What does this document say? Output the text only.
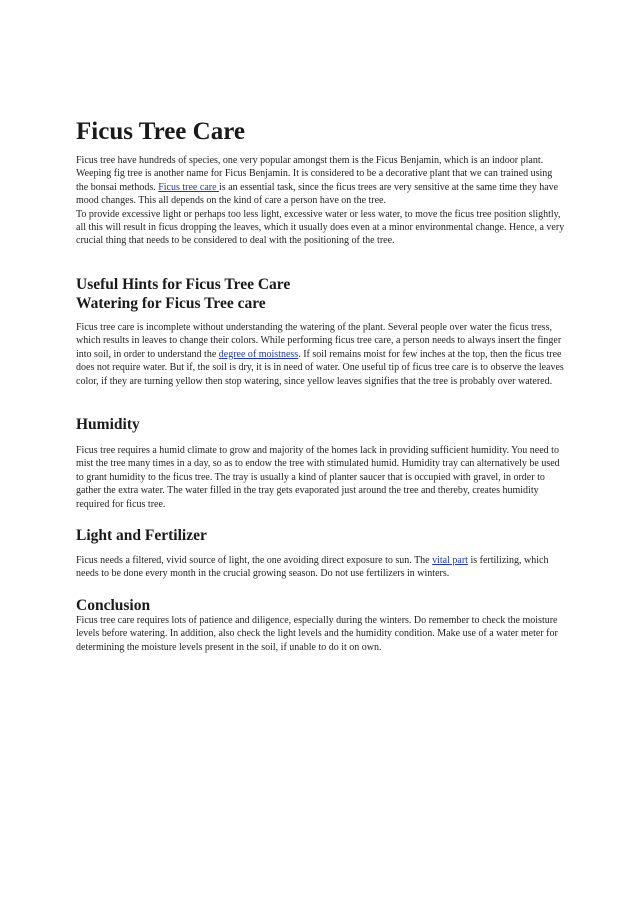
Ficus Tree Care

Ficus tree have hundreds of species, one very popular amongst them is the Ficus Benjamin, which is an indoor plant. Weeping fig tree is another name for Ficus Benjamin. It is considered to be a decorative plant that we can trained using the bonsai methods. Ficus tree care is an essential task, since the ficus trees are very sensitive at the same time they have mood changes. This all depends on the kind of care a person have on the tree.

To provide excessive light or perhaps too less light, excessive water or less water, to move the ficus tree position slightly, all this will result in ficus dropping the leaves, which it usually does even at a minor environmental change. Hence, a very crucial thing that needs to be considered to deal with the positioning of the tree.

Useful Hints for Ficus Tree Care
Watering for Ficus Tree care

Ficus tree care is incomplete without understanding the watering of the plant. Several people over water the ficus tress, which results in leaves to change their colors. While performing ficus tree care, a person needs to always insert the finger into soil, in order to understand the degree of moistness. If soil remains moist for few inches at the top, then the ficus tree does not require water. But if, the soil is dry, it is in need of water. One useful tip of ficus tree care is to observe the leaves color, if they are turning yellow then stop watering, since yellow leaves signifies that the tree is probably over watered.

Humidity

Ficus tree requires a humid climate to grow and majority of the homes lack in providing sufficient humidity. You need to mist the tree many times in a day, so as to endow the tree with stimulated humid. Humidity tray can alternatively be used to grant humidity to the ficus tree. The tray is usually a kind of planter saucer that is occupied with gravel, in order to gather the extra water. The water filled in the tray gets evaporated just around the tree and thereby, creates humidity required for ficus tree.

Light and Fertilizer

Ficus needs a filtered, vivid source of light, the one avoiding direct exposure to sun. The vital part is fertilizing, which needs to be done every month in the crucial growing season. Do not use fertilizers in winters.

Conclusion

Ficus tree care requires lots of patience and diligence, especially during the winters. Do remember to check the moisture levels before watering. In addition, also check the light levels and the humidity condition. Make use of a water meter for determining the moisture levels present in the soil, if unable to do it on own.
